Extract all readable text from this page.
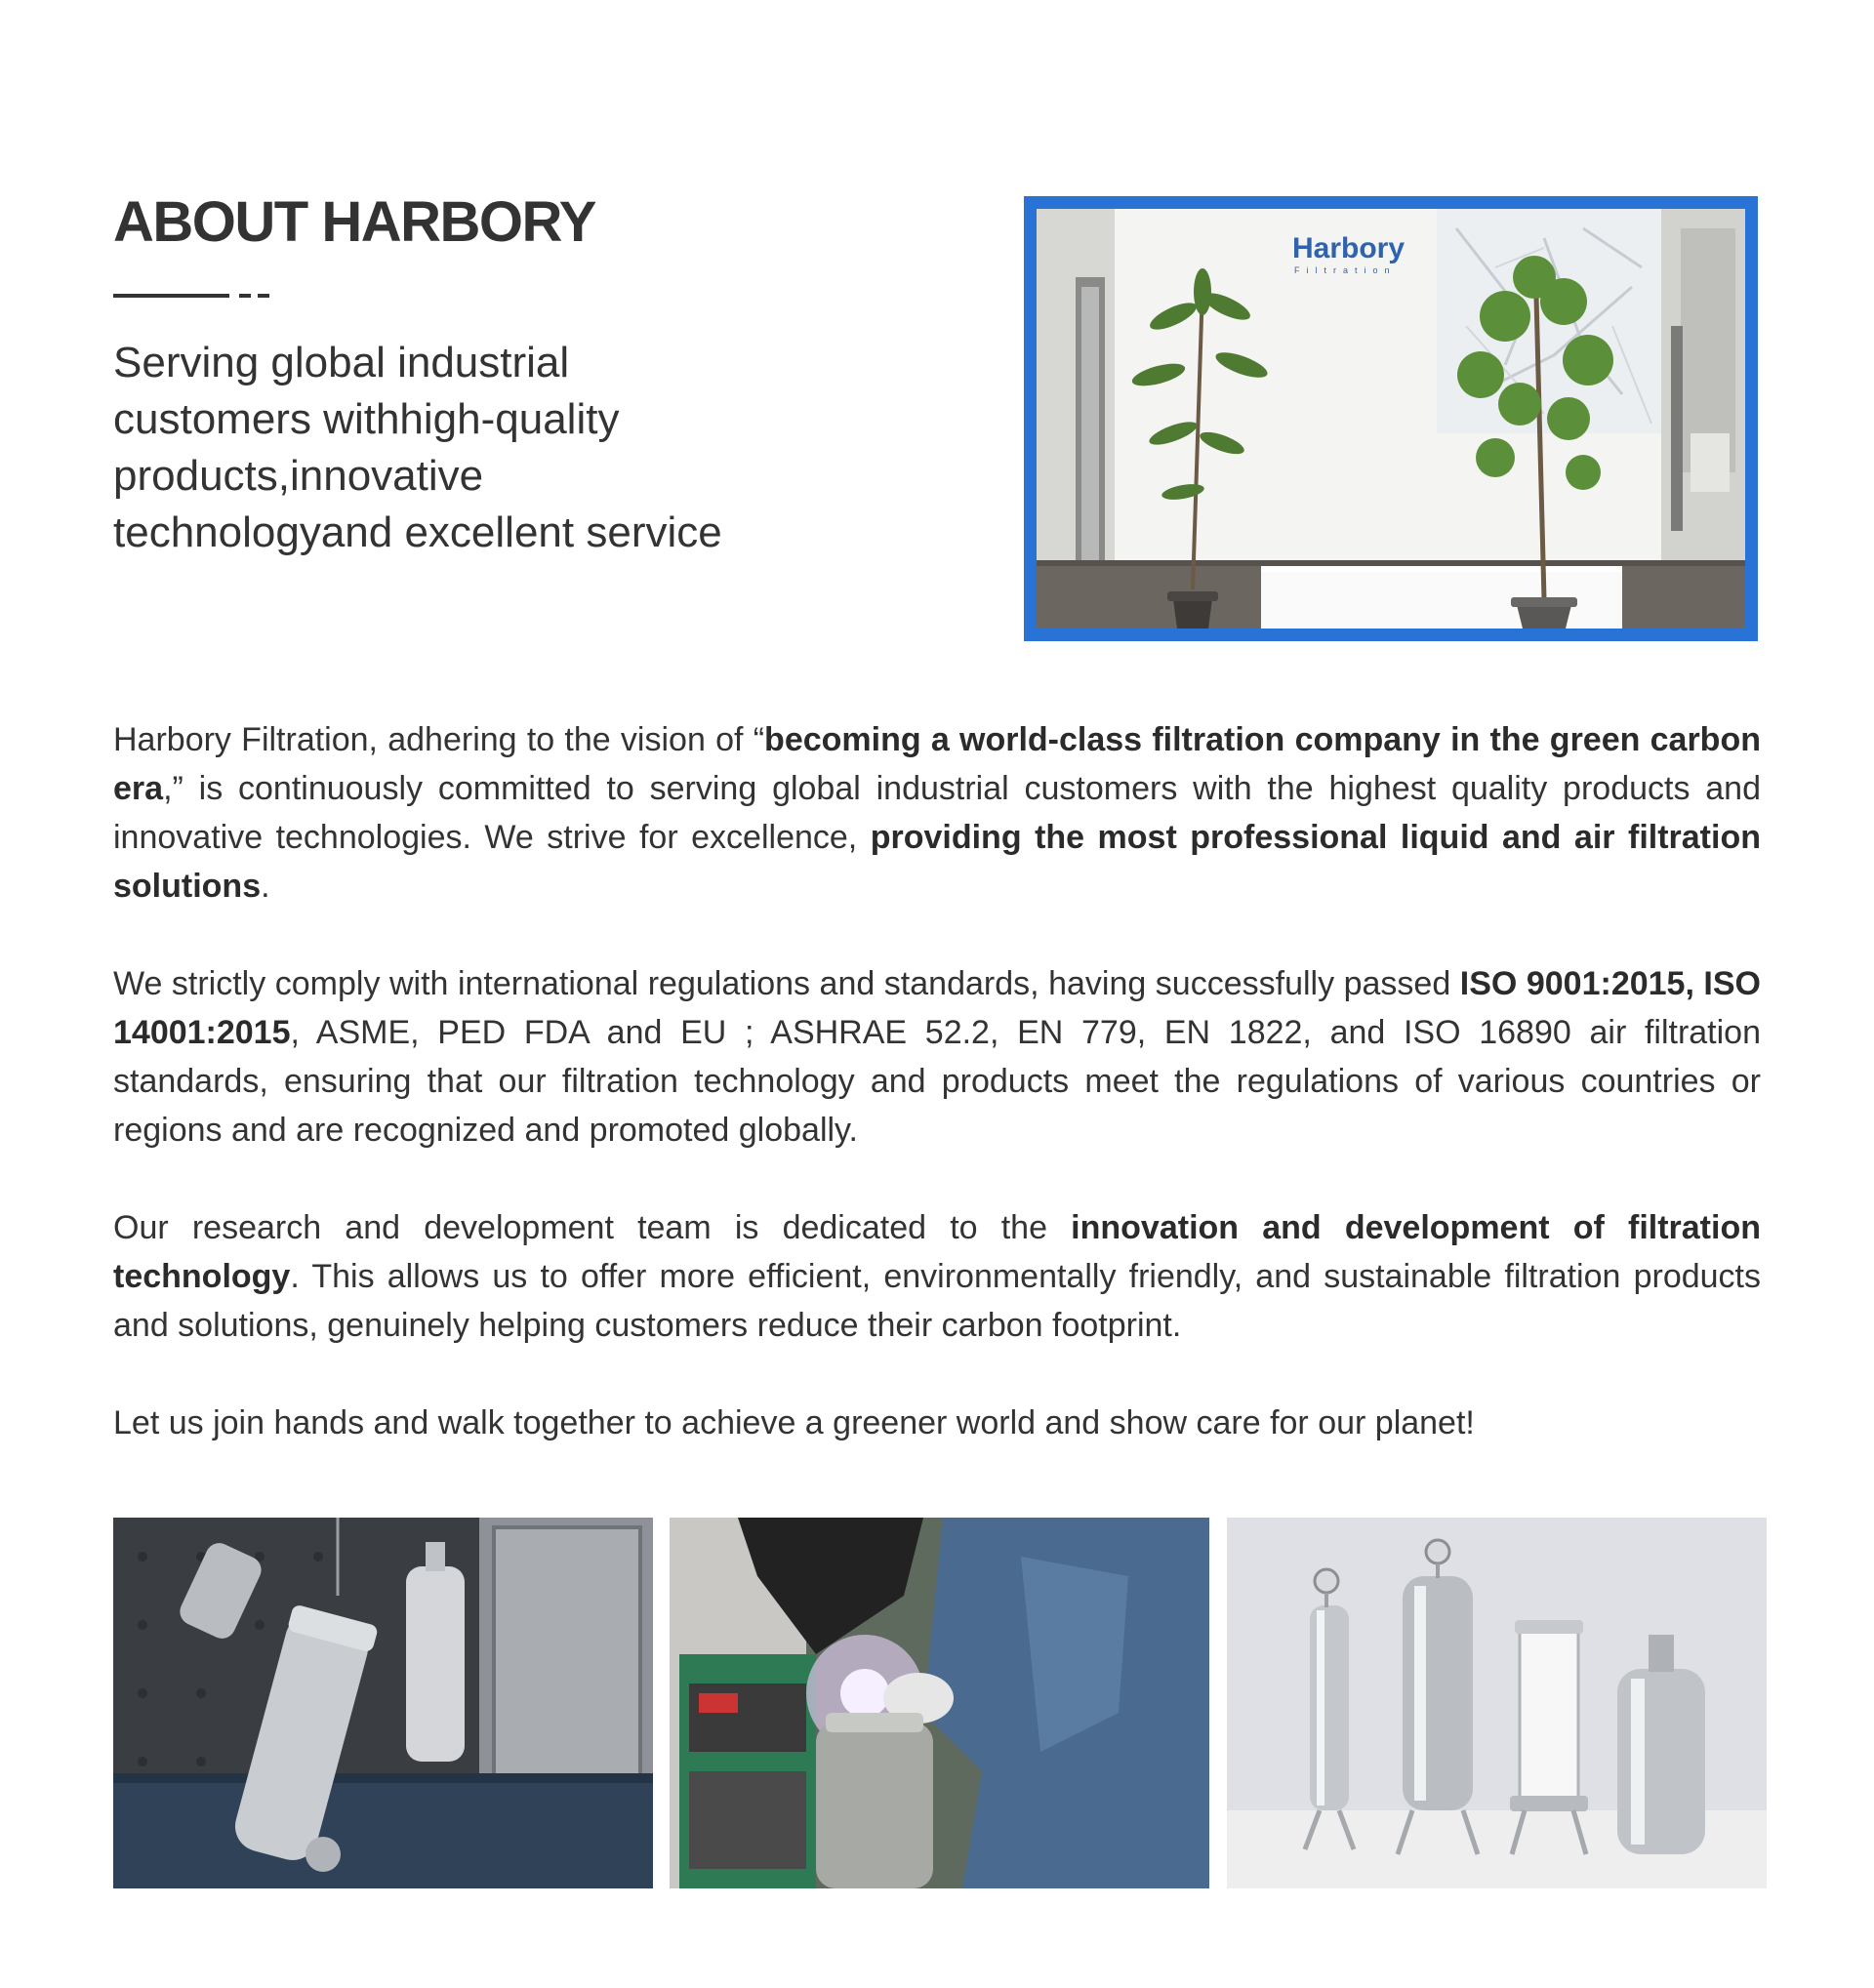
ABOUT HARBORY
Serving global industrial
customers withhigh-quality
products,innovative
technologyand excellent service
Harbory
Filtration

Harbory Filtration, adhering to the vision of “becoming a world-class filtration company in the green carbon era,” is continuously committed to serving global industrial customers with the highest quality products and innovative technologies. We strive for excellence, providing the most professional liquid and air filtration solutions.

We strictly comply with international regulations and standards, having successfully passed ISO 9001:2015, ISO 14001:2015, ASME, PED FDA and EU ; ASHRAE 52.2, EN 779, EN 1822, and ISO 16890 air filtration standards, ensuring that our filtration technology and products meet the regulations of various countries or regions and are recognized and promoted globally.

Our research and development team is dedicated to the innovation and development of filtration technology. This allows us to offer more efficient, environmentally friendly, and sustainable filtration products and solutions, genuinely helping customers reduce their carbon footprint.

Let us join hands and walk together to achieve a greener world and show care for our planet!
